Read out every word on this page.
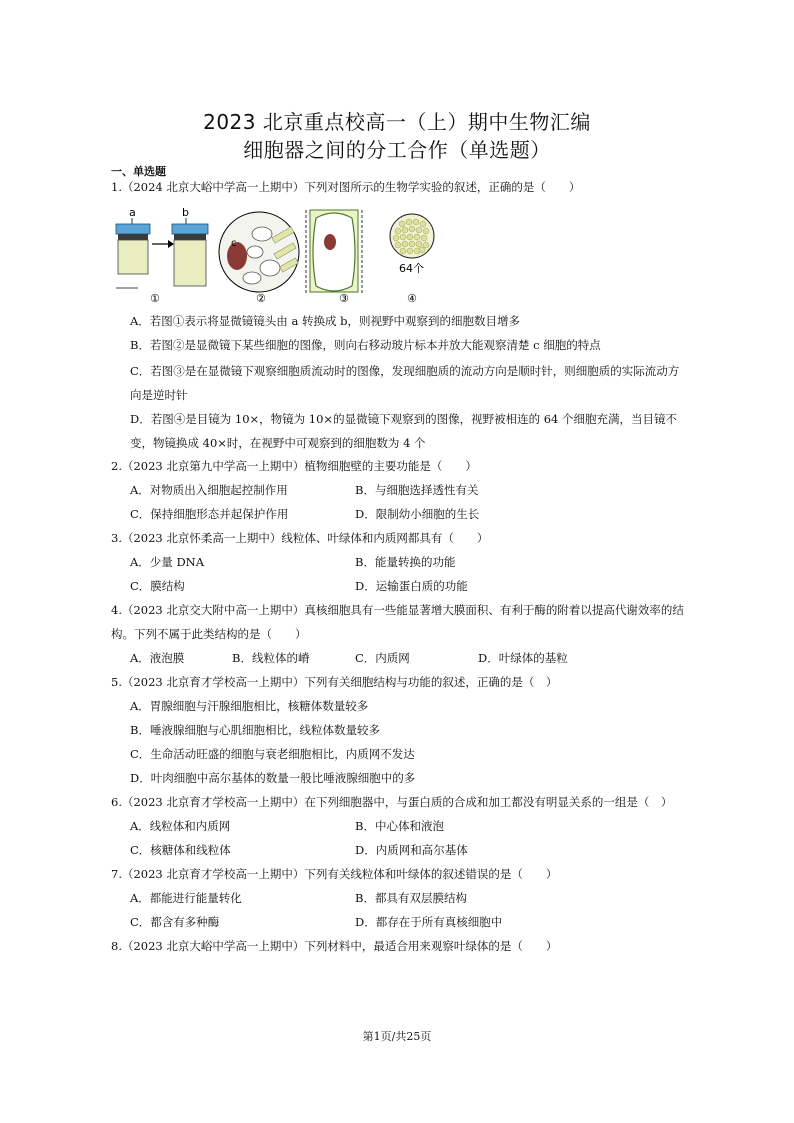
2023 北京重点校高一（上）期中生物汇编
细胞器之间的分工合作（单选题）
一、单选题
1.（2024 北京大峪中学高一上期中）下列对图所示的生物学实验的叙述，正确的是（　　）
a	b
c
64个
①	②	③	④
A．若图①表示将显微镜镜头由 a 转换成 b，则视野中观察到的细胞数目增多
B．若图②是显微镜下某些细胞的图像，则向右移动玻片标本并放大能观察清楚 c 细胞的特点
C．若图③是在显微镜下观察细胞质流动时的图像，发现细胞质的流动方向是顺时针，则细胞质的实际流动方向是逆时针
D．若图④是目镜为 10×，物镜为 10×的显微镜下观察到的图像，视野被相连的 64 个细胞充满，当目镜不变，物镜换成 40×时，在视野中可观察到的细胞数为 4 个
2.（2023 北京第九中学高一上期中）植物细胞壁的主要功能是（　　）
A．对物质出入细胞起控制作用	B．与细胞选择透性有关
C．保持细胞形态并起保护作用	D．限制幼小细胞的生长
3.（2023 北京怀柔高一上期中）线粒体、叶绿体和内质网都具有（　　）
A．少量 DNA	B．能量转换的功能
C．膜结构	D．运输蛋白质的功能
4.（2023 北京交大附中高一上期中）真核细胞具有一些能显著增大膜面积、有利于酶的附着以提高代谢效率的结构。下列不属于此类结构的是（　　）
A．液泡膜	B．线粒体的嵴	C．内质网	D．叶绿体的基粒
5.（2023 北京育才学校高一上期中）下列有关细胞结构与功能的叙述，正确的是（　）
A．胃腺细胞与汗腺细胞相比，核糖体数量较多
B．唾液腺细胞与心肌细胞相比，线粒体数量较多
C．生命活动旺盛的细胞与衰老细胞相比，内质网不发达
D．叶肉细胞中高尔基体的数量一般比唾液腺细胞中的多
6.（2023 北京育才学校高一上期中）在下列细胞器中，与蛋白质的合成和加工都没有明显关系的一组是（　）
A．线粒体和内质网	B．中心体和液泡
C．核糖体和线粒体	D．内质网和高尔基体
7.（2023 北京育才学校高一上期中）下列有关线粒体和叶绿体的叙述错误的是（　　）
A．都能进行能量转化	B．都具有双层膜结构
C．都含有多种酶	D．都存在于所有真核细胞中
8.（2023 北京大峪中学高一上期中）下列材料中，最适合用来观察叶绿体的是（　　）
第1页/共25页
